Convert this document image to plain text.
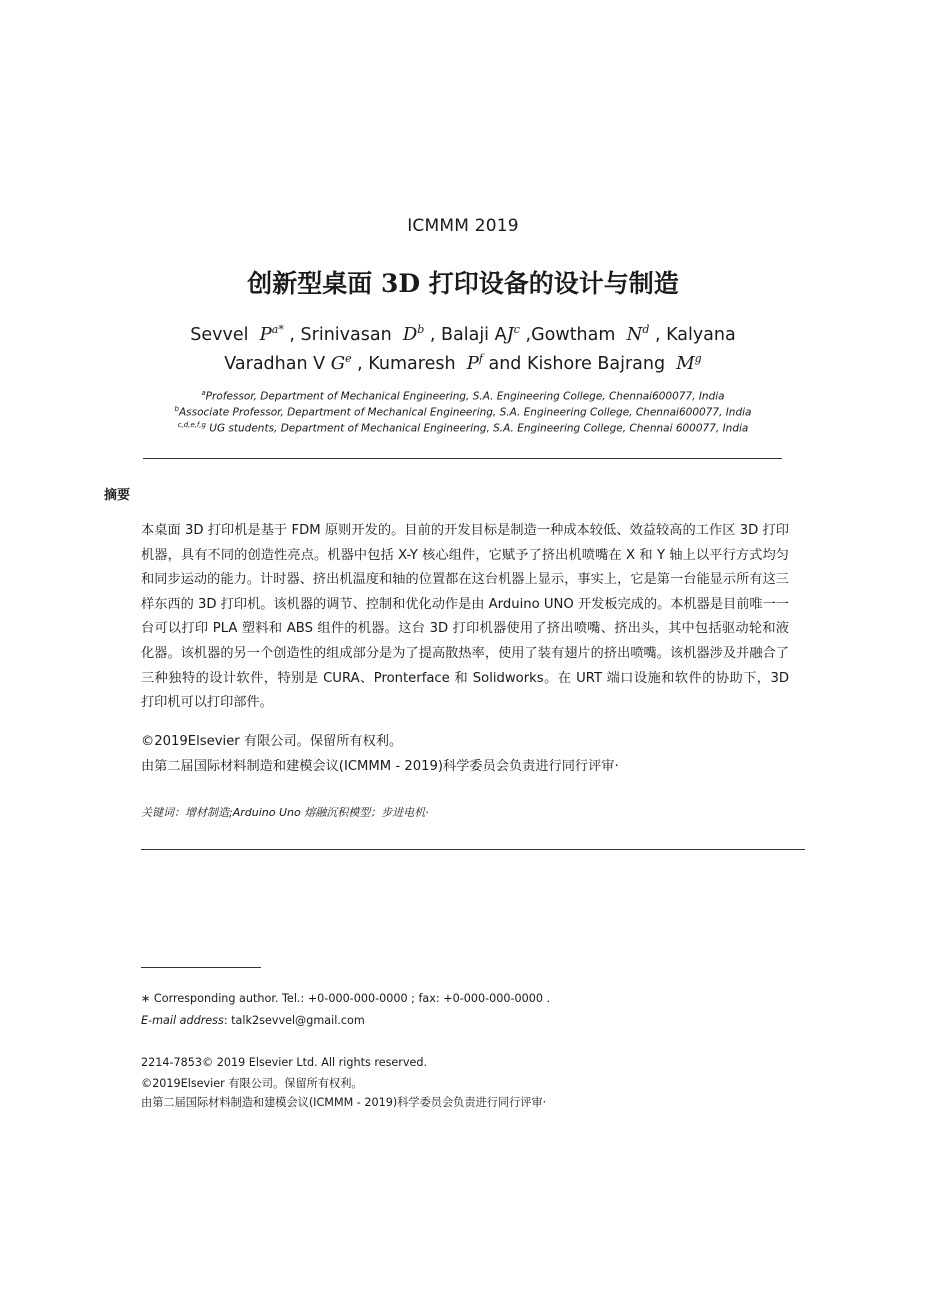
ICMMM 2019
创新型桌面 3D 打印设备的设计与制造
Sevvel $P^{a*}$ , Srinivasan $D^b$ , Balaji $AJ^c$ ,Gowtham $N^d$ , Kalyana Varadhan V $G^e$ , Kumaresh $P^f$ and Kishore Bajrang $M^g$
$^a$Professor, Department of Mechanical Engineering, S.A. Engineering College, Chennai600077, India
$^b$Associate Professor, Department of Mechanical Engineering, S.A. Engineering College, Chennai600077, India
$^{c,d,e,f,g}$ UG students, Department of Mechanical Engineering, S.A. Engineering College, Chennai 600077, India
摘要
本桌面 3D 打印机是基于 FDM 原则开发的。目前的开发目标是制造一种成本较低、效益较高的工作区 3D 打印机器，具有不同的创造性亮点。机器中包括 X-Y 核心组件，它赋予了挤出机喷嘴在 X 和 Y 轴上以平行方式均匀和同步运动的能力。计时器、挤出机温度和轴的位置都在这台机器上显示，事实上，它是第一台能显示所有这三样东西的 3D 打印机。该机器的调节、控制和优化动作是由 Arduino UNO 开发板完成的。本机器是目前唯一一台可以打印 PLA 塑料和 ABS 组件的机器。这台 3D 打印机器使用了挤出喷嘴、挤出头，其中包括驱动轮和液化器。该机器的另一个创造性的组成部分是为了提高散热率，使用了装有翅片的挤出喷嘴。该机器涉及并融合了三种独特的设计软件，特别是 CURA、Pronterface 和 Solidworks。在 URT 端口设施和软件的协助下，3D 打印机可以打印部件。
©2019Elsevier 有限公司。保留所有权利。
由第二届国际材料制造和建模会议(ICMMM - 2019)科学委员会负责进行同行评审·
关键词：增材制造;Arduino Uno 熔融沉积模型；步进电机·
∗ Corresponding author. Tel.: +0-000-000-0000 ; fax: +0-000-000-0000 .
E-mail address: talk2sevvel@gmail.com
2214-7853© 2019 Elsevier Ltd. All rights reserved.
©2019Elsevier 有限公司。保留所有权利。
由第二届国际材料制造和建模会议(ICMMM - 2019)科学委员会负责进行同行评审·
